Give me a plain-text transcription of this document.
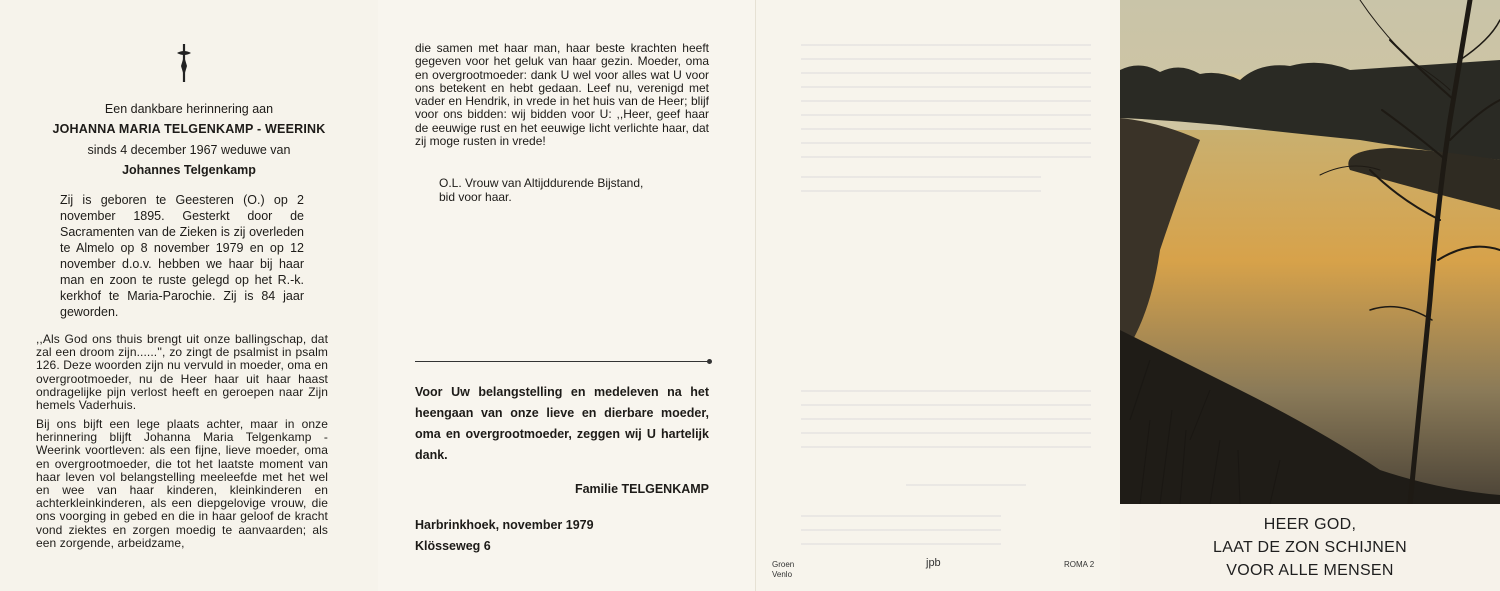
Een dankbare herinnering aan
JOHANNA MARIA TELGENKAMP - WEERINK
sinds 4 december 1967 weduwe van
Johannes Telgenkamp
Zij is geboren te Geesteren (O.) op 2 november 1895. Gesterkt door de Sacramenten van de Zieken is zij overleden te Almelo op 8 november 1979 en op 12 november d.o.v. hebben we haar bij haar man en zoon te ruste gelegd op het R.-k. kerkhof te Maria-Parochie. Zij is 84 jaar geworden.
,,Als God ons thuis brengt uit onze ballingschap, dat zal een droom zijn......'', zo zingt de psalmist in psalm 126. Deze woorden zijn nu vervuld in moeder, oma en overgrootmoeder, nu de Heer haar uit haar haast ondragelijke pijn verlost heeft en geroepen naar Zijn hemels Vaderhuis.
Bij ons bijft een lege plaats achter, maar in onze herinnering blijft Johanna Maria Telgenkamp - Weerink voortleven: als een fijne, lieve moeder, oma en overgrootmoeder, die tot het laatste moment van haar leven vol belangstelling meeleefde met het wel en wee van haar kinderen, kleinkinderen en achterkleinkinderen, als een diepgelovige vrouw, die ons voorging in gebed en die in haar geloof de kracht vond ziektes en zorgen moedig te aanvaarden; als een zorgende, arbeidzame,
die samen met haar man, haar beste krachten heeft gegeven voor het geluk van haar gezin. Moeder, oma en overgrootmoeder: dank U wel voor alles wat U voor ons betekent en hebt gedaan. Leef nu, verenigd met vader en Hendrik, in vrede in het huis van de Heer; blijf voor ons bidden: wij bidden voor U: ,,Heer, geef haar de eeuwige rust en het eeuwige licht verlichte haar, dat zij moge rusten in vrede!
O.L. Vrouw van Altijddurende Bijstand,
bid voor haar.
Voor Uw belangstelling en medeleven na het heengaan van onze lieve en dierbare moeder, oma en overgrootmoeder, zeggen wij U hartelijk dank.
Familie TELGENKAMP
Harbrinkhoek, november 1979
Klösseweg 6
Groen
Venlo
jpb	ROMA 2
HEER GOD,
LAAT DE ZON SCHIJNEN
VOOR ALLE MENSEN
